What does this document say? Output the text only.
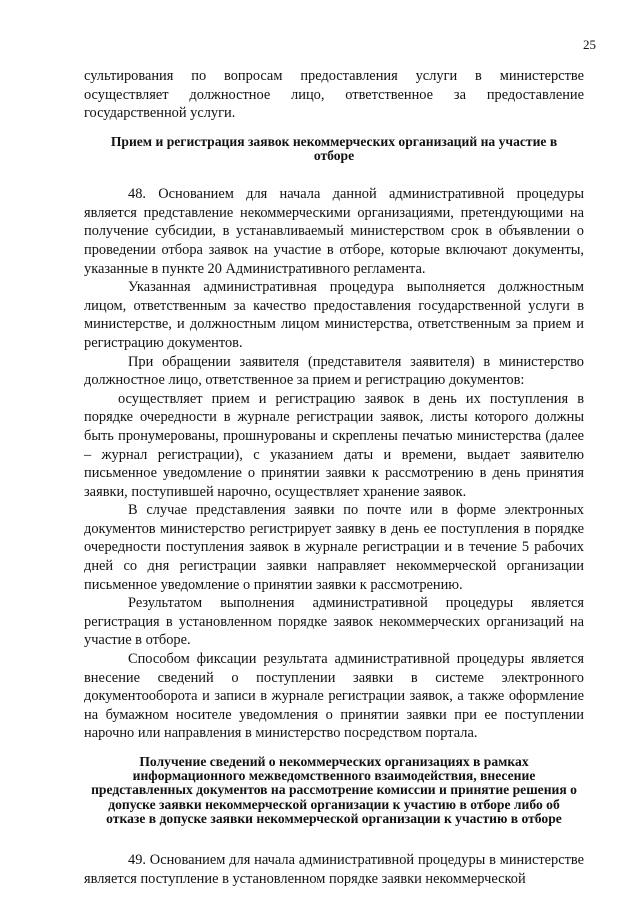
25

сультирования по вопросам предоставления услуги в министерстве осуществляет должностное лицо, ответственное за предоставление государственной услуги.

Прием и регистрация заявок некоммерческих организаций на участие в отборе

48. Основанием для начала данной административной процедуры является представление некоммерческими организациями, претендующими на получение субсидии, в устанавливаемый министерством срок в объявлении о проведении отбора заявок на участие в отборе, которые включают документы, указанные в пункте 20 Административного регламента.

Указанная административная процедура выполняется должностным лицом, ответственным за качество предоставления государственной услуги в министерстве, и должностным лицом министерства, ответственным за прием и регистрацию документов.

При обращении заявителя (представителя заявителя) в министерство должностное лицо, ответственное за прием и регистрацию документов:

осуществляет прием и регистрацию заявок в день их поступления в порядке очередности в журнале регистрации заявок, листы которого должны быть пронумерованы, прошнурованы и скреплены печатью министерства (далее – журнал регистрации), с указанием даты и времени, выдает заявителю письменное уведомление о принятии заявки к рассмотрению в день принятия заявки, поступившей нарочно, осуществляет хранение заявок.

В случае представления заявки по почте или в форме электронных документов министерство регистрирует заявку в день ее поступления в порядке очередности поступления заявок в журнале регистрации и в течение 5 рабочих дней со дня регистрации заявки направляет некоммерческой организации письменное уведомление о принятии заявки к рассмотрению.

Результатом выполнения административной процедуры является регистрация в установленном порядке заявок некоммерческих организаций на участие в отборе.

Способом фиксации результата административной процедуры является внесение сведений о поступлении заявки в системе электронного документооборота и записи в журнале регистрации заявок, а также оформление на бумажном носителе уведомления о принятии заявки при ее поступлении нарочно или направления в министерство посредством портала.

Получение сведений о некоммерческих организациях в рамках информационного межведомственного взаимодействия, внесение представленных документов на рассмотрение комиссии и принятие решения о допуске заявки некоммерческой организации к участию в отборе либо об отказе в допуске заявки некоммерческой организации к участию в отборе

49. Основанием для начала административной процедуры в министерстве является поступление в установленном порядке заявки некоммерческой
